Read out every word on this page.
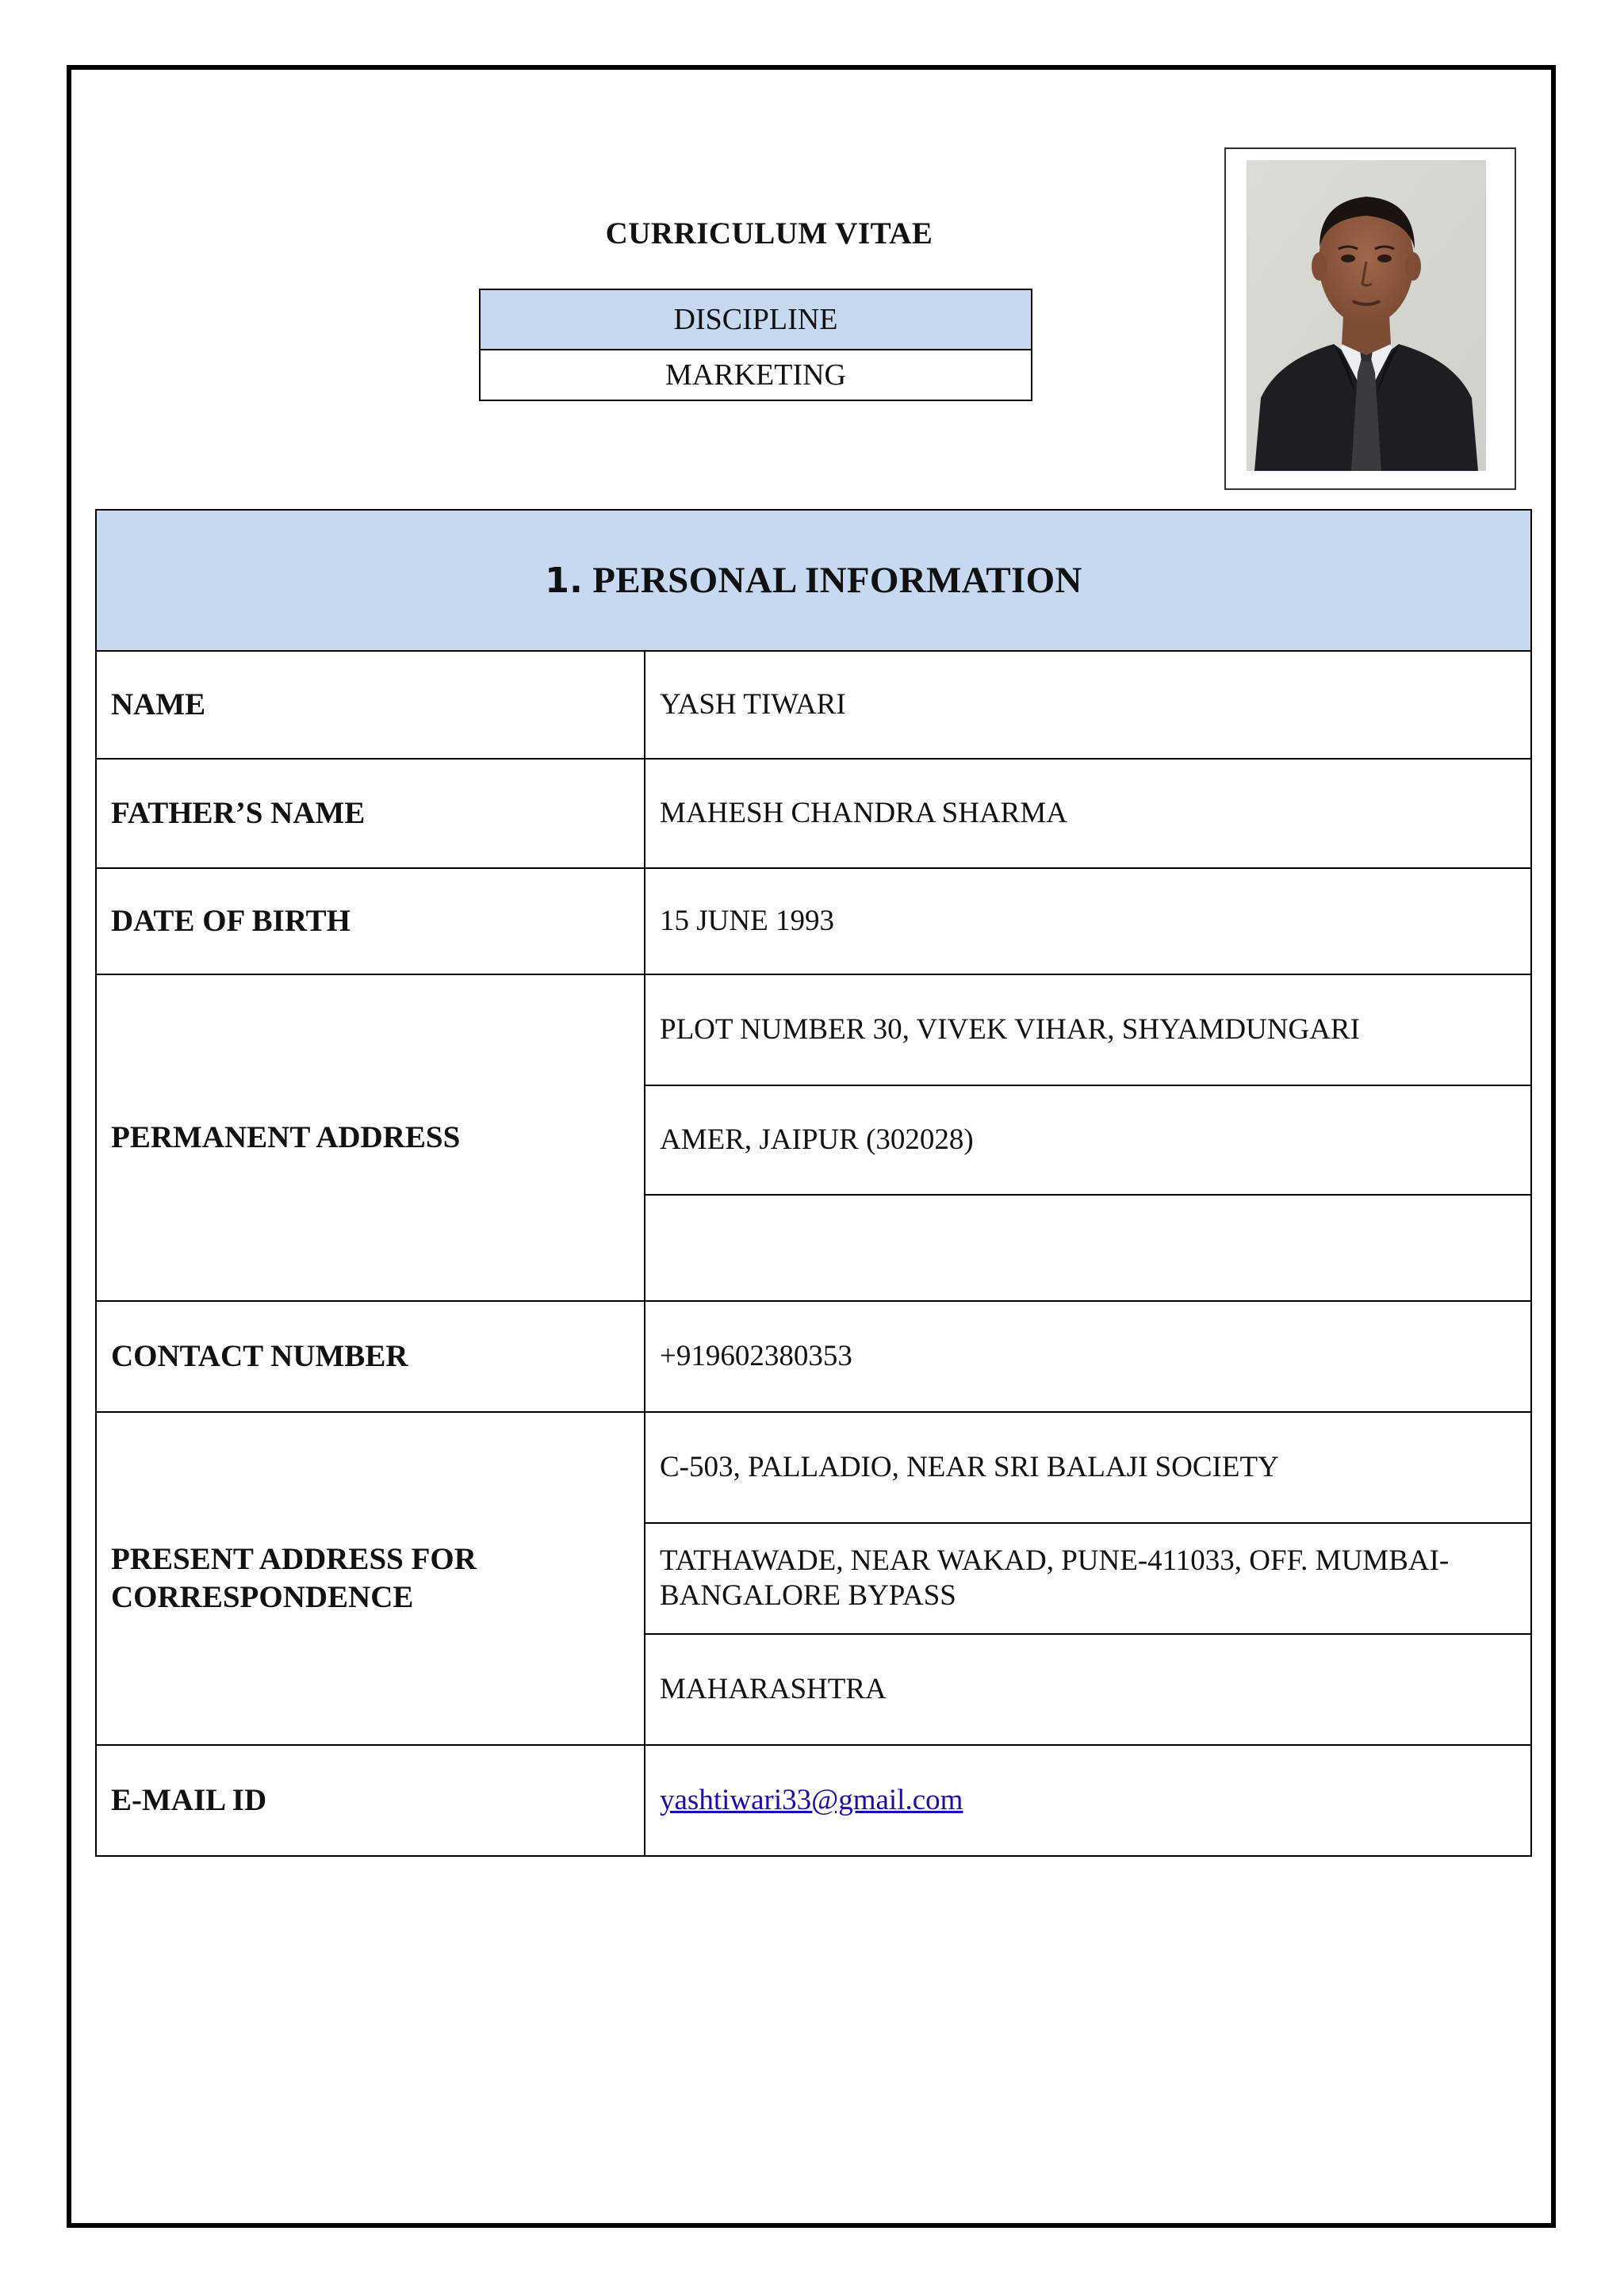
CURRICULUM VITAE
DISCIPLINE
MARKETING
1. PERSONAL INFORMATION	
NAME	YASH TIWARI
FATHER’S NAME	MAHESH CHANDRA SHARMA
DATE OF BIRTH	15 JUNE 1993
PERMANENT ADDRESS	PLOT NUMBER 30, VIVEK VIHAR, SHYAMDUNGARI
	AMER, JAIPUR (302028)

CONTACT NUMBER	+919602380353
PRESENT ADDRESS FOR
CORRESPONDENCE	C-503, PALLADIO, NEAR SRI BALAJI SOCIETY
	TATHAWADE, NEAR WAKAD, PUNE-411033, OFF. MUMBAI-BANGALORE BYPASS
	MAHARASHTRA
E-MAIL ID	yashtiwari33@gmail.com
